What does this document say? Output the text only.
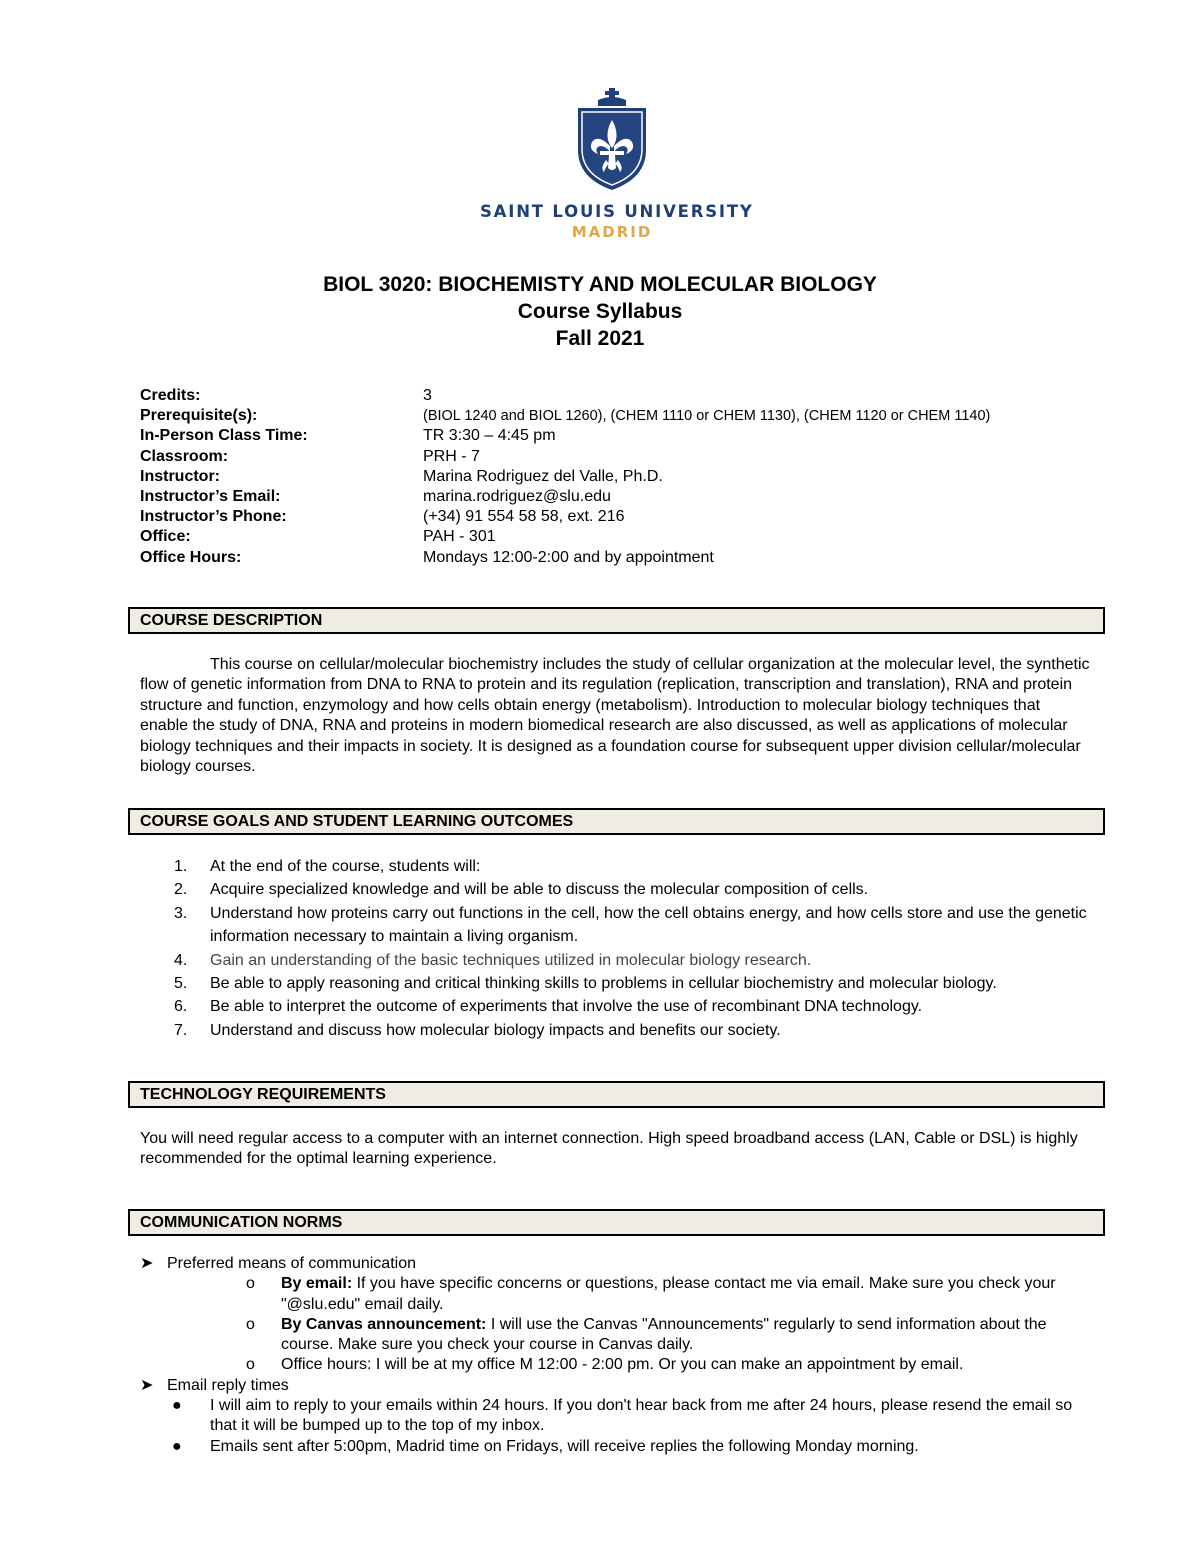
SAINT LOUIS UNIVERSITY
MADRID
BIOL 3020: BIOCHEMISTY AND MOLECULAR BIOLOGY
Course Syllabus
Fall 2021
Credits:	3
Prerequisite(s):	(BIOL 1240 and BIOL 1260), (CHEM 1110 or CHEM 1130), (CHEM 1120 or CHEM 1140)
In-Person Class Time:	TR 3:30 – 4:45 pm
Classroom:	PRH - 7
Instructor:	Marina Rodriguez del Valle, Ph.D.
Instructor’s Email:	marina.rodriguez@slu.edu
Instructor’s Phone:	(+34) 91 554 58 58, ext. 216
Office:	PAH - 301
Office Hours:	Mondays 12:00-2:00 and by appointment
COURSE DESCRIPTION
This course on cellular/molecular biochemistry includes the study of cellular organization at the molecular level, the synthetic flow of genetic information from DNA to RNA to protein and its regulation (replication, transcription and translation), RNA and protein structure and function, enzymology and how cells obtain energy (metabolism). Introduction to molecular biology techniques that enable the study of DNA, RNA and proteins in modern biomedical research are also discussed, as well as applications of molecular biology techniques and their impacts in society. It is designed as a foundation course for subsequent upper division cellular/molecular biology courses.
COURSE GOALS AND STUDENT LEARNING OUTCOMES
1.	At the end of the course, students will:
2.	Acquire specialized knowledge and will be able to discuss the molecular composition of cells.
3.	Understand how proteins carry out functions in the cell, how the cell obtains energy, and how cells store and use the genetic information necessary to maintain a living organism.
4.	Gain an understanding of the basic techniques utilized in molecular biology research.
5.	Be able to apply reasoning and critical thinking skills to problems in cellular biochemistry and molecular biology.
6.	Be able to interpret the outcome of experiments that involve the use of recombinant DNA technology.
7.	Understand and discuss how molecular biology impacts and benefits our society.
TECHNOLOGY REQUIREMENTS
You will need regular access to a computer with an internet connection. High speed broadband access (LAN, Cable or DSL) is highly recommended for the optimal learning experience.
COMMUNICATION NORMS
➤ Preferred means of communication
o	By email: If you have specific concerns or questions, please contact me via email. Make sure you check your "@slu.edu" email daily.
o	By Canvas announcement: I will use the Canvas "Announcements" regularly to send information about the course. Make sure you check your course in Canvas daily.
o	Office hours: I will be at my office M 12:00 - 2:00 pm. Or you can make an appointment by email.
➤ Email reply times
●	I will aim to reply to your emails within 24 hours. If you don't hear back from me after 24 hours, please resend the email so that it will be bumped up to the top of my inbox.
●	Emails sent after 5:00pm, Madrid time on Fridays, will receive replies the following Monday morning.
